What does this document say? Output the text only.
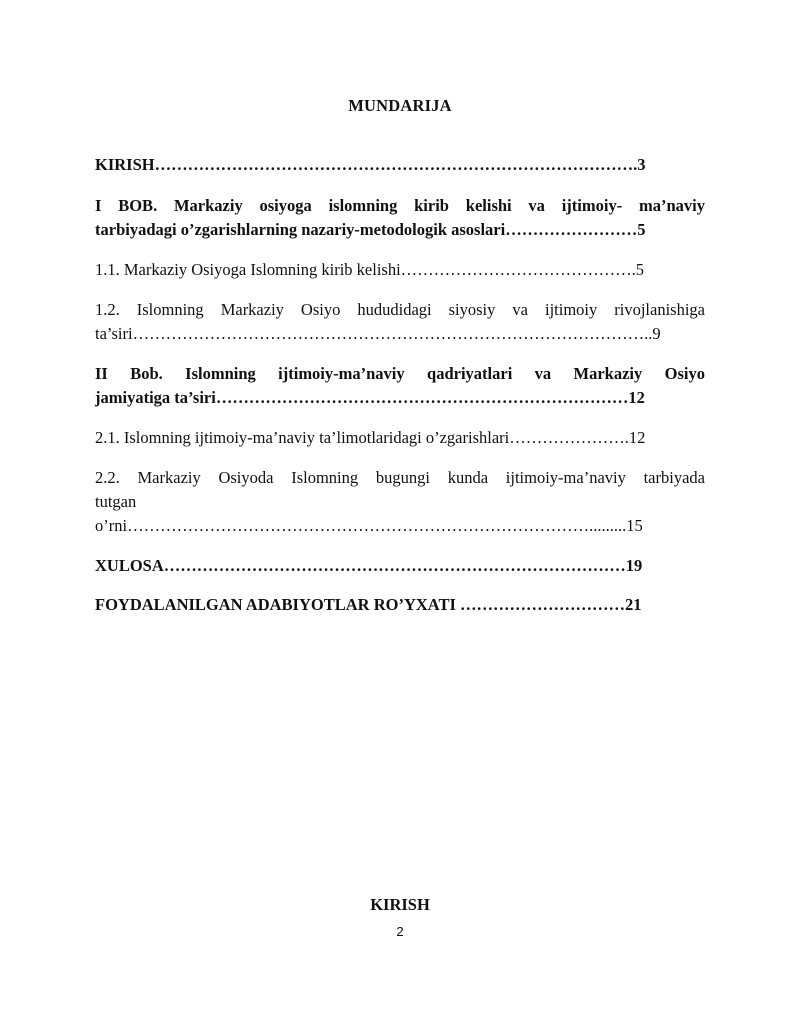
MUNDARIJA
KIRISH…………………………………………………………………………….3
I BOB. Markaziy osiyoga islomning kirib kelishi va ijtimoiy- ma’naviy
tarbiyadagi o’zgarishlarning nazariy-metodologik asoslari……………………5
1.1. Markaziy Osiyoga Islomning kirib kelishi…………………………………….5
1.2. Islomning Markaziy Osiyo hududidagi siyosiy va ijtimoiy rivojlanishiga
ta’siri…………………………………………………………………………………..9
II Bob. Islomning ijtimoiy-ma’naviy qadriyatlari va Markaziy Osiyo
jamiyatiga ta’siri…………………………………………………………………12
2.1. Islomning ijtimoiy-ma’naviy ta’limotlaridagi o’zgarishlari………………….12
2.2. Markaziy Osiyoda Islomning bugungi kunda ijtimoiy-ma’naviy tarbiyada
tutgan
o’rni………………………………………………………………………….........15
XULOSA…………………………………………………………………………19
FOYDALANILGAN ADABIYOTLAR RO’YXATI …………………………21
KIRISH
2
